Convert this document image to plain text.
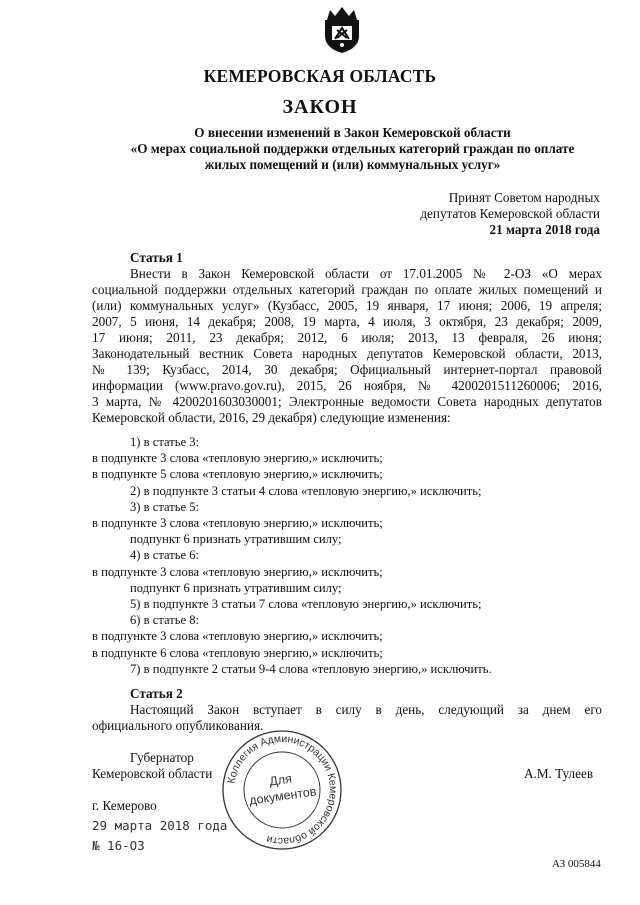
КЕМЕРОВСКАЯ ОБЛАСТЬ
ЗАКОН
О внесении изменений в Закон Кемеровской области
«О мерах социальной поддержки отдельных категорий граждан по оплате
жилых помещений и (или) коммунальных услуг»
Принят Советом народных
депутатов Кемеровской области
21 марта 2018 года
Статья 1
Внести в Закон Кемеровской области от 17.01.2005 № 2-ОЗ «О мерах
социальной поддержки отдельных категорий граждан по оплате жилых помещений и
(или) коммунальных услуг» (Кузбасс, 2005, 19 января, 17 июня; 2006, 19 апреля;
2007, 5 июня, 14 декабря; 2008, 19 марта, 4 июля, 3 октября, 23 декабря; 2009,
17 июня; 2011, 23 декабря; 2012, 6 июля; 2013, 13 февраля, 26 июня;
Законодательный вестник Совета народных депутатов Кемеровской области, 2013,
№ 139; Кузбасс, 2014, 30 декабря; Официальный интернет-портал правовой
информации (www.pravo.gov.ru), 2015, 26 ноября, № 4200201511260006; 2016,
3 марта, № 4200201603030001; Электронные ведомости Совета народных депутатов
Кемеровской области, 2016, 29 декабря) следующие изменения:
1) в статье 3:
в подпункте 3 слова «тепловую энергию,» исключить;
в подпункте 5 слова «тепловую энергию,» исключить;
2) в подпункте 3 статьи 4 слова «тепловую энергию,» исключить;
3) в статье 5:
в подпункте 3 слова «тепловую энергию,» исключить;
подпункт 6 признать утратившим силу;
4) в статье 6:
в подпункте 3 слова «тепловую энергию,» исключить;
подпункт 6 признать утратившим силу;
5) в подпункте 3 статьи 7 слова «тепловую энергию,» исключить;
6) в статье 8:
в подпункте 3 слова «тепловую энергию,» исключить;
в подпункте 6 слова «тепловую энергию,» исключить;
7) в подпункте 2 статьи 9-4 слова «тепловую энергию,» исключить.
Статья 2
Настоящий Закон вступает в силу в день, следующий за днем его
официального опубликования.
Губернатор
Кемеровской области	А.М. Тулеев
г. Кемерово
29 марта 2018 года
№ 16-ОЗ
Коллегия Администрации Кемеровской области
Для
документов
АЗ 005844
